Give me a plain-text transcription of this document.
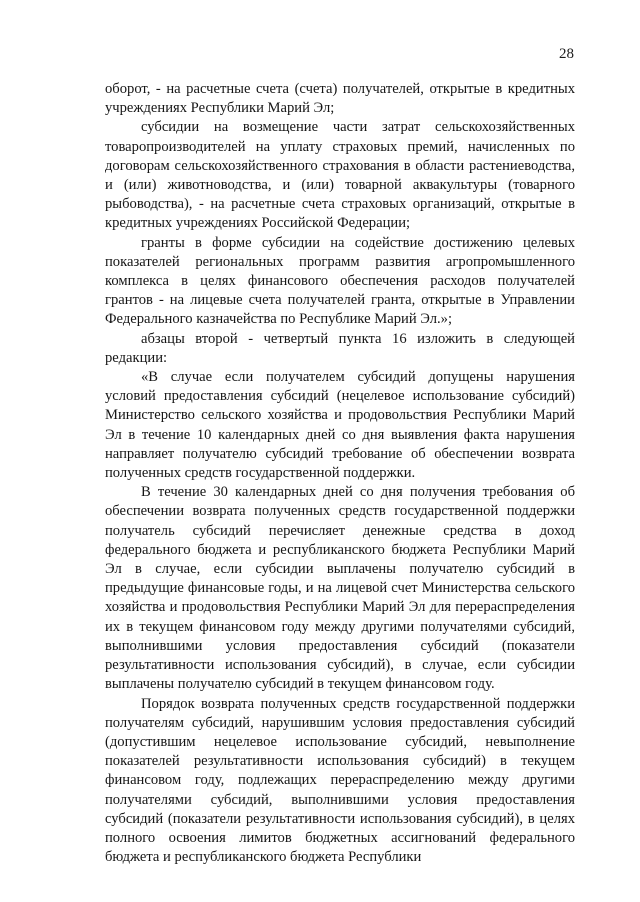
28

оборот, - на расчетные счета (счета) получателей, открытые в кредитных учреждениях Республики Марий Эл;

субсидии на возмещение части затрат сельскохозяйственных товаропроизводителей на уплату страховых премий, начисленных по договорам сельскохозяйственного страхования в области растениеводства, и (или) животноводства, и (или) товарной аквакультуры (товарного рыбоводства), - на расчетные счета страховых организаций, открытые в кредитных учреждениях Российской Федерации;

гранты в форме субсидии на содействие достижению целевых показателей региональных программ развития агропромышленного комплекса в целях финансового обеспечения расходов получателей грантов - на лицевые счета получателей гранта, открытые в Управлении Федерального казначейства по Республике Марий Эл.»;

абзацы второй - четвертый пункта 16 изложить в следующей редакции:

«В случае если получателем субсидий допущены нарушения условий предоставления субсидий (нецелевое использование субсидий) Министерство сельского хозяйства и продовольствия Республики Марий Эл в течение 10 календарных дней со дня выявления факта нарушения направляет получателю субсидий требование об обеспечении возврата полученных средств государственной поддержки.

В течение 30 календарных дней со дня получения требования об обеспечении возврата полученных средств государственной поддержки получатель субсидий перечисляет денежные средства в доход федерального бюджета и республиканского бюджета Республики Марий Эл в случае, если субсидии выплачены получателю субсидий в предыдущие финансовые годы, и на лицевой счет Министерства сельского хозяйства и продовольствия Республики Марий Эл для перераспределения их в текущем финансовом году между другими получателями субсидий, выполнившими условия предоставления субсидий (показатели результативности использования субсидий), в случае, если субсидии выплачены получателю субсидий в текущем финансовом году.

Порядок возврата полученных средств государственной поддержки получателям субсидий, нарушившим условия предоставления субсидий (допустившим нецелевое использование субсидий, невыполнение показателей результативности использования субсидий) в текущем финансовом году, подлежащих перераспределению между другими получателями субсидий, выполнившими условия предоставления субсидий (показатели результативности использования субсидий), в целях полного освоения лимитов бюджетных ассигнований федерального бюджета и республиканского бюджета Республики
